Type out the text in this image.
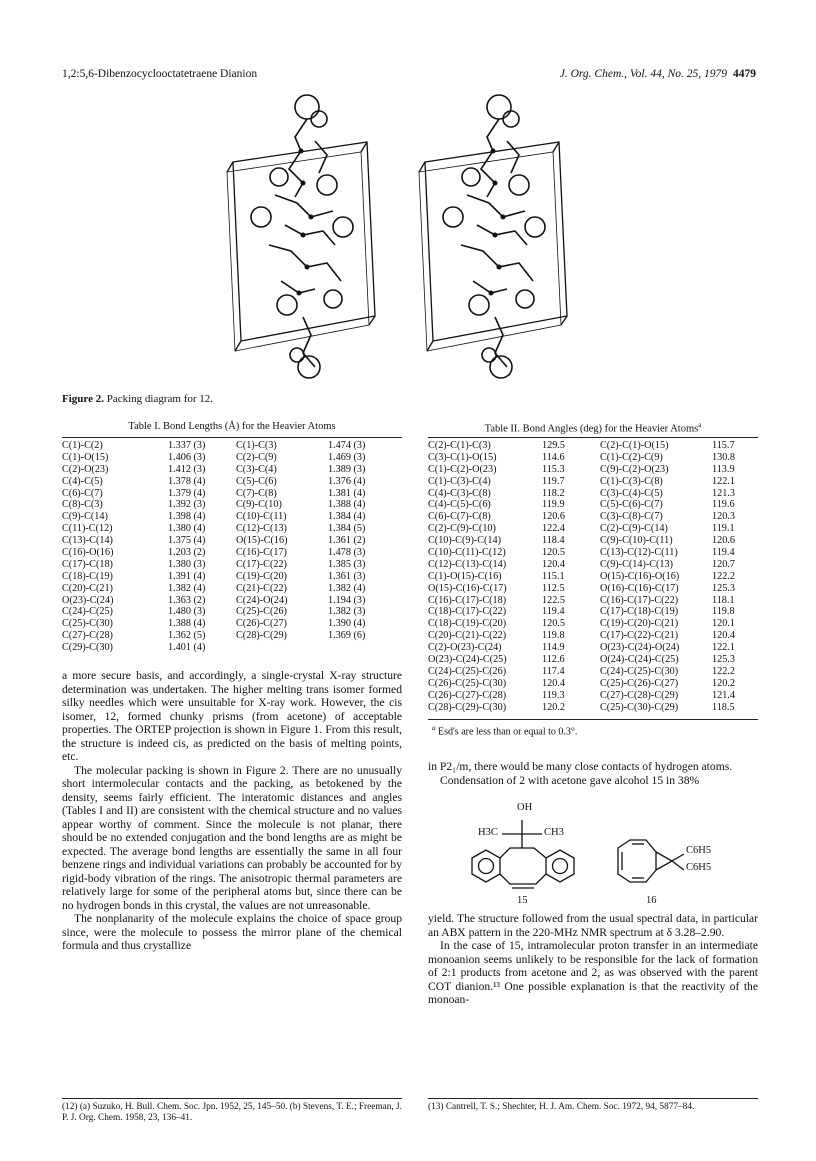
1,2:5,6-Dibenzocyclooctatetraene Dianion	J. Org. Chem., Vol. 44, No. 25, 1979 4479
Figure 2. Packing diagram for 12.
Table I. Bond Lengths (Å) for the Heavier Atoms
C(1)-C(2)	1.337 (3)	C(1)-C(3)	1.474 (3)
C(1)-O(15)	1.406 (3)	C(2)-C(9)	1.469 (3)
C(2)-O(23)	1.412 (3)	C(3)-C(4)	1.389 (3)
C(4)-C(5)	1.378 (4)	C(5)-C(6)	1.376 (4)
C(6)-C(7)	1.379 (4)	C(7)-C(8)	1.381 (4)
C(8)-C(3)	1.392 (3)	C(9)-C(10)	1.388 (4)
C(9)-C(14)	1.398 (4)	C(10)-C(11)	1.384 (4)
C(11)-C(12)	1.380 (4)	C(12)-C(13)	1.384 (5)
C(13)-C(14)	1.375 (4)	O(15)-C(16)	1.361 (2)
C(16)-O(16)	1.203 (2)	C(16)-C(17)	1.478 (3)
C(17)-C(18)	1.380 (3)	C(17)-C(22)	1.385 (3)
C(18)-C(19)	1.391 (4)	C(19)-C(20)	1.361 (3)
C(20)-C(21)	1.382 (4)	C(21)-C(22)	1.382 (4)
O(23)-C(24)	1.363 (2)	C(24)-O(24)	1.194 (3)
C(24)-C(25)	1.480 (3)	C(25)-C(26)	1.382 (3)
C(25)-C(30)	1.388 (4)	C(26)-C(27)	1.390 (4)
C(27)-C(28)	1.362 (5)	C(28)-C(29)	1.369 (6)
C(29)-C(30)	1.401 (4)
Table II. Bond Angles (deg) for the Heavier Atoms$^a$
C(2)-C(1)-C(3)	129.5	C(2)-C(1)-O(15)	115.7
C(3)-C(1)-O(15)	114.6	C(1)-C(2)-C(9)	130.8
C(1)-C(2)-O(23)	115.3	C(9)-C(2)-O(23)	113.9
C(1)-C(3)-C(4)	119.7	C(1)-C(3)-C(8)	122.1
C(4)-C(3)-C(8)	118.2	C(3)-C(4)-C(5)	121.3
C(4)-C(5)-C(6)	119.9	C(5)-C(6)-C(7)	119.6
C(6)-C(7)-C(8)	120.6	C(3)-C(8)-C(7)	120.3
C(2)-C(9)-C(10)	122.4	C(2)-C(9)-C(14)	119.1
C(10)-C(9)-C(14)	118.4	C(9)-C(10)-C(11)	120.6
C(10)-C(11)-C(12)	120.5	C(13)-C(12)-C(11)	119.4
C(12)-C(13)-C(14)	120.4	C(9)-C(14)-C(13)	120.7
C(1)-O(15)-C(16)	115.1	O(15)-C(16)-O(16)	122.2
O(15)-C(16)-C(17)	112.5	O(16)-C(16)-C(17)	125.3
C(16)-C(17)-C(18)	122.5	C(16)-C(17)-C(22)	118.1
C(18)-C(17)-C(22)	119.4	C(17)-C(18)-C(19)	119.8
C(18)-C(19)-C(20)	120.5	C(19)-C(20)-C(21)	120.1
C(20)-C(21)-C(22)	119.8	C(17)-C(22)-C(21)	120.4
C(2)-O(23)-C(24)	114.9	O(23)-C(24)-O(24)	122.1
O(23)-C(24)-C(25)	112.6	O(24)-C(24)-C(25)	125.3
C(24)-C(25)-C(26)	117.4	C(24)-C(25)-C(30)	122.2
C(26)-C(25)-C(30)	120.4	C(25)-C(26)-C(27)	120.2
C(26)-C(27)-C(28)	119.3	C(27)-C(28)-C(29)	121.4
C(28)-C(29)-C(30)	120.2	C(25)-C(30)-C(29)	118.5
$^a$ Esd's are less than or equal to 0.3°.

a more secure basis, and accordingly, a single-crystal X-ray structure determination was undertaken. The higher melting trans isomer formed silky needles which were unsuitable for X-ray work. However, the cis isomer, 12, formed chunky prisms (from acetone) of acceptable properties. The ORTEP projection is shown in Figure 1. From this result, the structure is indeed cis, as predicted on the basis of melting points, etc.

The molecular packing is shown in Figure 2. There are no unusually short intermolecular contacts and the packing, as betokened by the density, seems fairly efficient. The interatomic distances and angles (Tables I and II) are consistent with the chemical structure and no values appear worthy of comment. Since the molecule is not planar, there should be no extended conjugation and the bond lengths are as might be expected. The average bond lengths are essentially the same in all four benzene rings and individual variations can probably be accounted for by rigid-body vibration of the rings. The anisotropic thermal parameters are relatively large for some of the peripheral atoms but, since there can be no hydrogen bonds in this crystal, the values are not unreasonable.

The nonplanarity of the molecule explains the choice of space group since, were the molecule to possess the mirror plane of the chemical formula and thus crystallize

in P2₁/m, there would be many close contacts of hydrogen atoms.

Condensation of 2 with acetone gave alcohol 15 in 38%

OH
H3C	CH3
C6H5
C6H5
15	16

yield. The structure followed from the usual spectral data, in particular an ABX pattern in the 220-MHz NMR spectrum at δ 3.28–2.90.

In the case of 15, intramolecular proton transfer in an intermediate monoanion seems unlikely to be responsible for the lack of formation of 2:1 products from acetone and 2, as was observed with the parent COT dianion.¹³ One possible explanation is that the reactivity of the monoan-

(12) (a) Suzuko, H. Bull. Chem. Soc. Jpn. 1952, 25, 145–50. (b) Stevens, T. E.; Freeman, J. P. J. Org. Chem. 1958, 23, 136–41.
(13) Cantrell, T. S.; Shechter, H. J. Am. Chem. Soc. 1972, 94, 5877–84.
